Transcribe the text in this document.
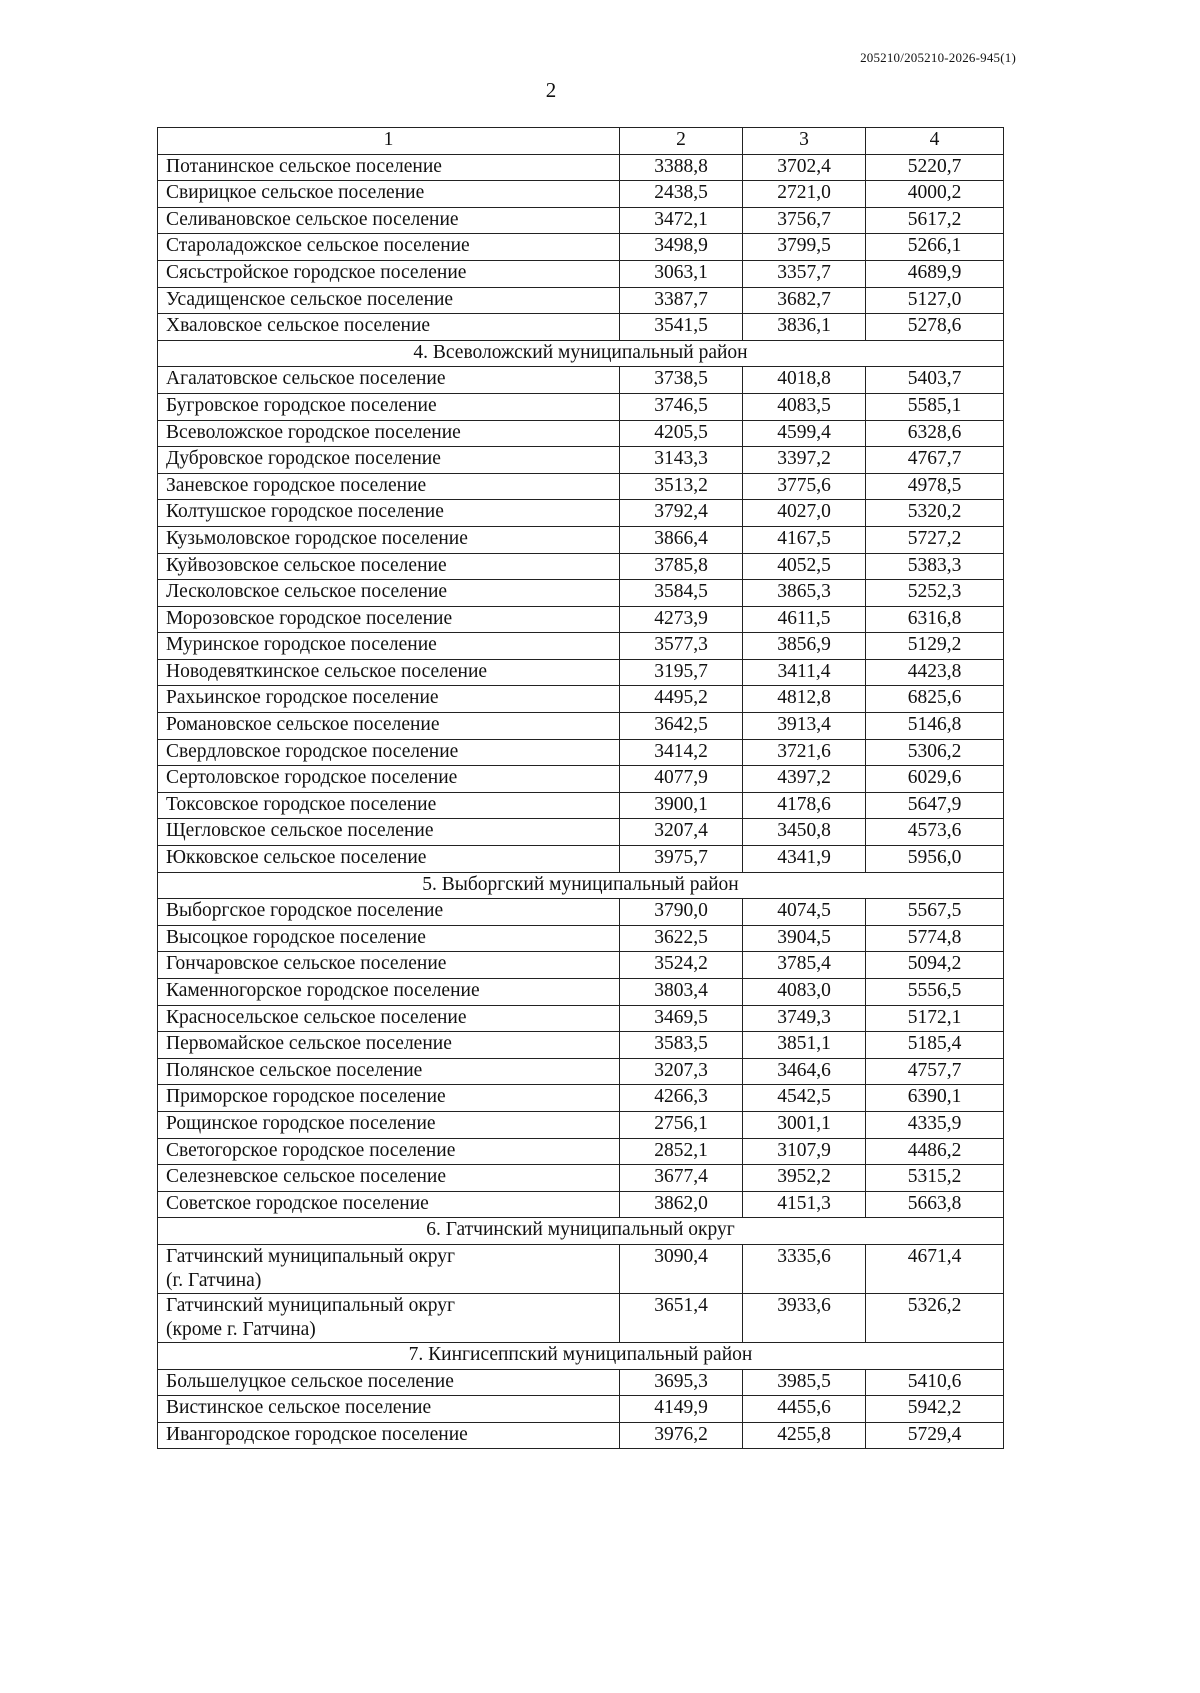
205210/205210-2026-945(1)
2
1	2	3	4
Потанинское сельское поселение	3388,8	3702,4	5220,7
Свирицкое сельское поселение	2438,5	2721,0	4000,2
Селивановское сельское поселение	3472,1	3756,7	5617,2
Староладожское сельское поселение	3498,9	3799,5	5266,1
Сясьстройское городское поселение	3063,1	3357,7	4689,9
Усадищенское сельское поселение	3387,7	3682,7	5127,0
Хваловское сельское поселение	3541,5	3836,1	5278,6
4. Всеволожский муниципальный район			
Агалатовское сельское поселение	3738,5	4018,8	5403,7
Бугровское городское поселение	3746,5	4083,5	5585,1
Всеволожское городское поселение	4205,5	4599,4	6328,6
Дубровское городское поселение	3143,3	3397,2	4767,7
Заневское городское поселение	3513,2	3775,6	4978,5
Колтушское городское поселение	3792,4	4027,0	5320,2
Кузьмоловское городское поселение	3866,4	4167,5	5727,2
Куйвозовское сельское поселение	3785,8	4052,5	5383,3
Лесколовское сельское поселение	3584,5	3865,3	5252,3
Морозовское городское поселение	4273,9	4611,5	6316,8
Муринское городское поселение	3577,3	3856,9	5129,2
Новодевяткинское сельское поселение	3195,7	3411,4	4423,8
Рахьинское городское поселение	4495,2	4812,8	6825,6
Романовское сельское поселение	3642,5	3913,4	5146,8
Свердловское городское поселение	3414,2	3721,6	5306,2
Сертоловское городское поселение	4077,9	4397,2	6029,6
Токсовское городское поселение	3900,1	4178,6	5647,9
Щегловское сельское поселение	3207,4	3450,8	4573,6
Юкковское сельское поселение	3975,7	4341,9	5956,0
5. Выборгский муниципальный район			
Выборгское городское поселение	3790,0	4074,5	5567,5
Высоцкое городское поселение	3622,5	3904,5	5774,8
Гончаровское сельское поселение	3524,2	3785,4	5094,2
Каменногорское городское поселение	3803,4	4083,0	5556,5
Красносельское сельское поселение	3469,5	3749,3	5172,1
Первомайское сельское поселение	3583,5	3851,1	5185,4
Полянское сельское поселение	3207,3	3464,6	4757,7
Приморское городское поселение	4266,3	4542,5	6390,1
Рощинское городское поселение	2756,1	3001,1	4335,9
Светогорское городское поселение	2852,1	3107,9	4486,2
Селезневское сельское поселение	3677,4	3952,2	5315,2
Советское городское поселение	3862,0	4151,3	5663,8
6. Гатчинский муниципальный округ			

Гатчинский муниципальный округ
(г. Гатчина)	3090,4	3335,6	4671,4

Гатчинский муниципальный округ
(кроме г. Гатчина)	3651,4	3933,6	5326,2
7. Кингисеппский муниципальный район			
Большелуцкое сельское поселение	3695,3	3985,5	5410,6
Вистинское сельское поселение	4149,9	4455,6	5942,2
Ивангородское городское поселение	3976,2	4255,8	5729,4
